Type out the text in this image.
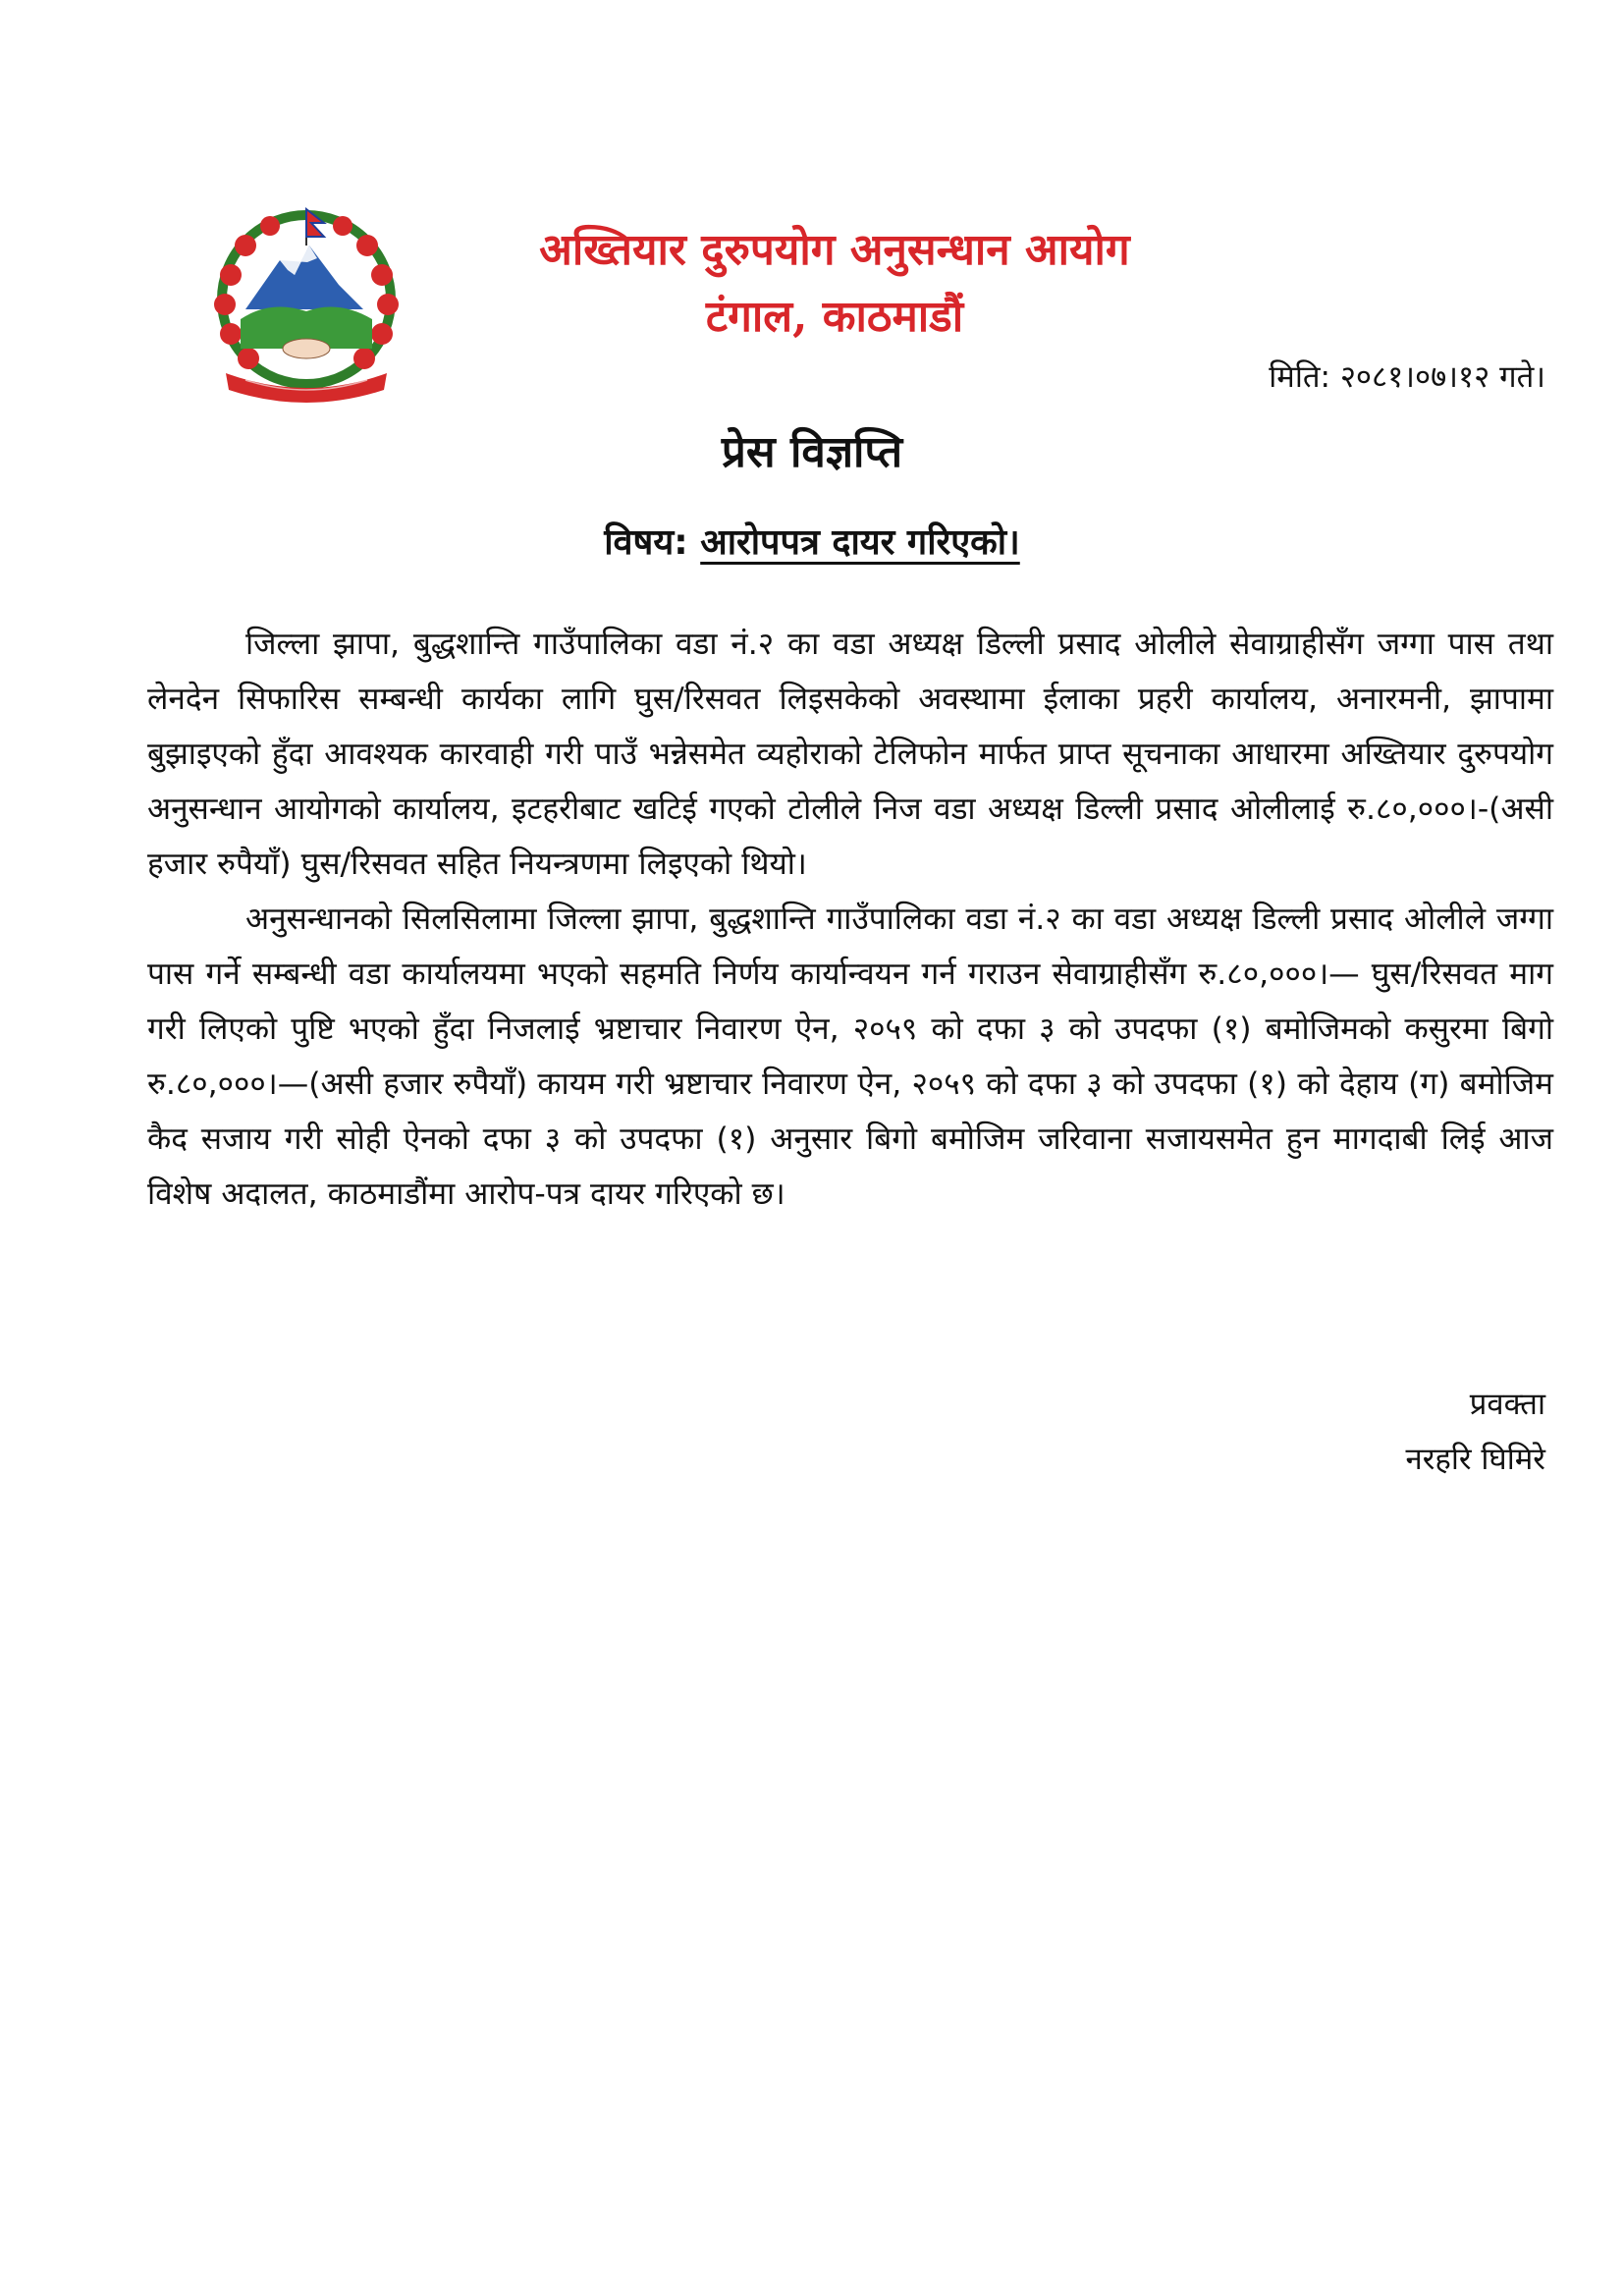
अख्तियार दुरुपयोग अनुसन्धान आयोग
टंगाल, काठमाडौं
मिति: २०८१।०७।१२ गते।
प्रेस विज्ञप्ति
विषय: आरोपपत्र दायर गरिएको।

जिल्ला झापा, बुद्धशान्ति गाउँपालिका वडा नं.२ का वडा अध्यक्ष डिल्ली प्रसाद ओलीले सेवाग्राहीसँग जग्गा पास तथा लेनदेन सिफारिस सम्बन्धी कार्यका लागि घुस/रिसवत लिइसकेको अवस्थामा ईलाका प्रहरी कार्यालय, अनारमनी, झापामा बुझाइएको हुँदा आवश्यक कारवाही गरी पाउँ भन्नेसमेत व्यहोराको टेलिफोन मार्फत प्राप्त सूचनाका आधारमा अख्तियार दुरुपयोग अनुसन्धान आयोगको कार्यालय, इटहरीबाट खटिई गएको टोलीले निज वडा अध्यक्ष डिल्ली प्रसाद ओलीलाई रु.८०,०००।-(असी हजार रुपैयाँ) घुस/रिसवत सहित नियन्त्रणमा लिइएको थियो।

अनुसन्धानको सिलसिलामा जिल्ला झापा, बुद्धशान्ति गाउँपालिका वडा नं.२ का वडा अध्यक्ष डिल्ली प्रसाद ओलीले जग्गा पास गर्ने सम्बन्धी वडा कार्यालयमा भएको सहमति निर्णय कार्यान्वयन गर्न गराउन सेवाग्राहीसँग रु.८०,०००।— घुस/रिसवत माग गरी लिएको पुष्टि भएको हुँदा निजलाई भ्रष्टाचार निवारण ऐन, २०५९ को दफा ३ को उपदफा (१) बमोजिमको कसुरमा बिगो रु.८०,०००।—(असी हजार रुपैयाँ) कायम गरी भ्रष्टाचार निवारण ऐन, २०५९ को दफा ३ को उपदफा (१) को देहाय (ग) बमोजिम कैद सजाय गरी सोही ऐनको दफा ३ को उपदफा (१) अनुसार बिगो बमोजिम जरिवाना सजायसमेत हुन मागदाबी लिई आज विशेष अदालत, काठमाडौंमा आरोप-पत्र दायर गरिएको छ।

प्रवक्ता
नरहरि घिमिरे
